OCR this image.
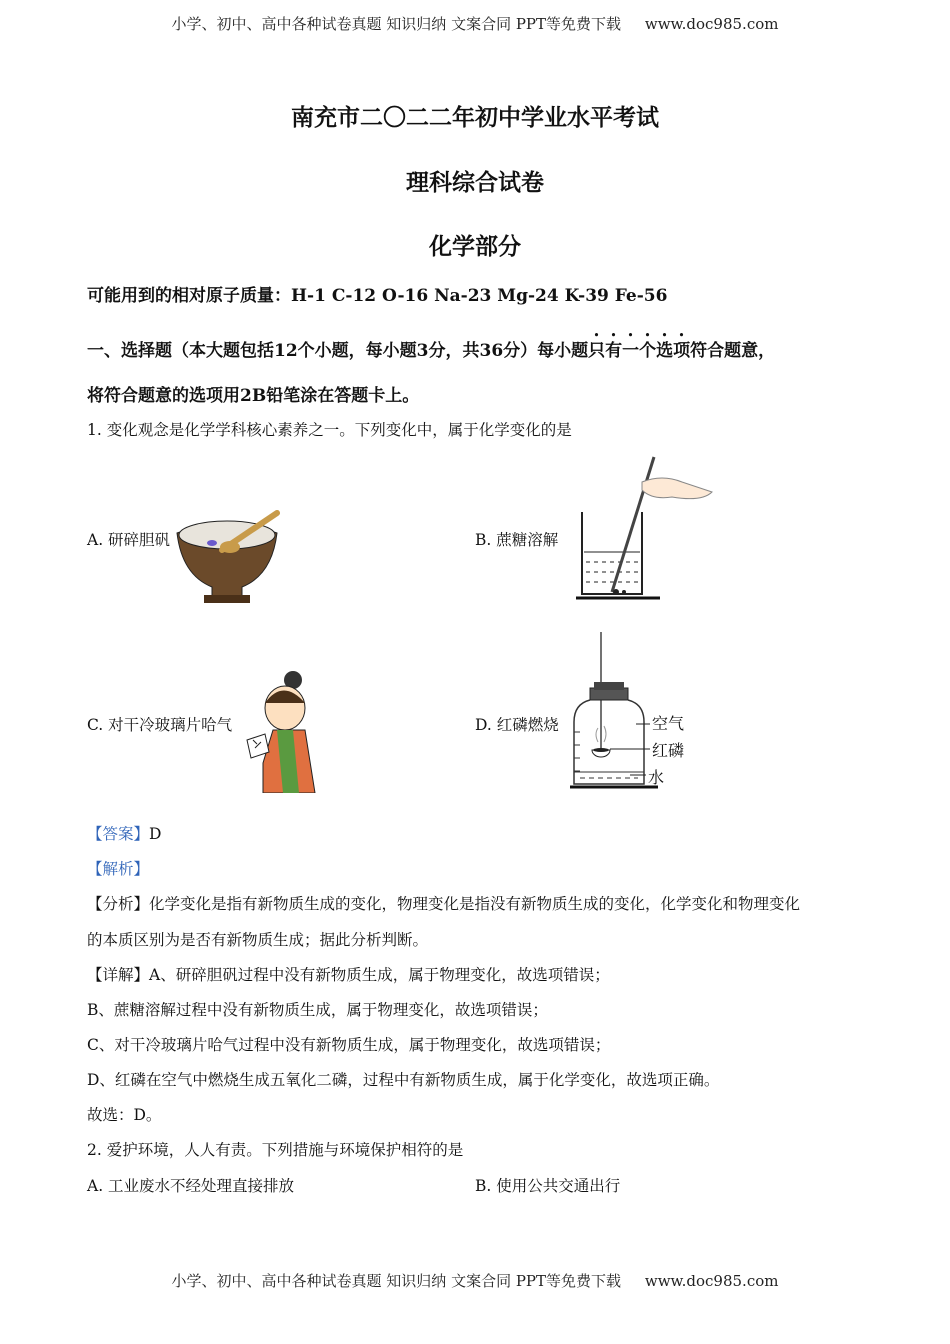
小学、初中、高中各种试卷真题 知识归纳 文案合同 PPT等免费下载 www.doc985.com
南充市二〇二二年初中学业水平考试
理科综合试卷
化学部分
可能用到的相对原子质量：H-1 C-12 O-16 Na-23 Mg-24 K-39 Fe-56
一、选择题（本大题包括12个小题，每小题3分，共36分）每小题只有一个选项符合题意，
将符合题意的选项用2B铅笔涂在答题卡上。
1. 变化观念是化学学科核心素养之一。下列变化中，属于化学变化的是
A. 研碎胆矾	B. 蔗糖溶解
C. 对干冷玻璃片哈气	D. 红磷燃烧	空气
红磷
水
【答案】D
【解析】
【分析】化学变化是指有新物质生成的变化，物理变化是指没有新物质生成的变化，化学变化和物理变化
的本质区别为是否有新物质生成；据此分析判断。
【详解】A、研碎胆矾过程中没有新物质生成，属于物理变化，故选项错误；
B、蔗糖溶解过程中没有新物质生成，属于物理变化，故选项错误；
C、对干冷玻璃片哈气过程中没有新物质生成，属于物理变化，故选项错误；
D、红磷在空气中燃烧生成五氧化二磷，过程中有新物质生成，属于化学变化，故选项正确。
故选：D。
2. 爱护环境，人人有责。下列措施与环境保护相符的是
A. 工业废水不经处理直接排放	B. 使用公共交通出行
小学、初中、高中各种试卷真题 知识归纳 文案合同 PPT等免费下载 www.doc985.com
